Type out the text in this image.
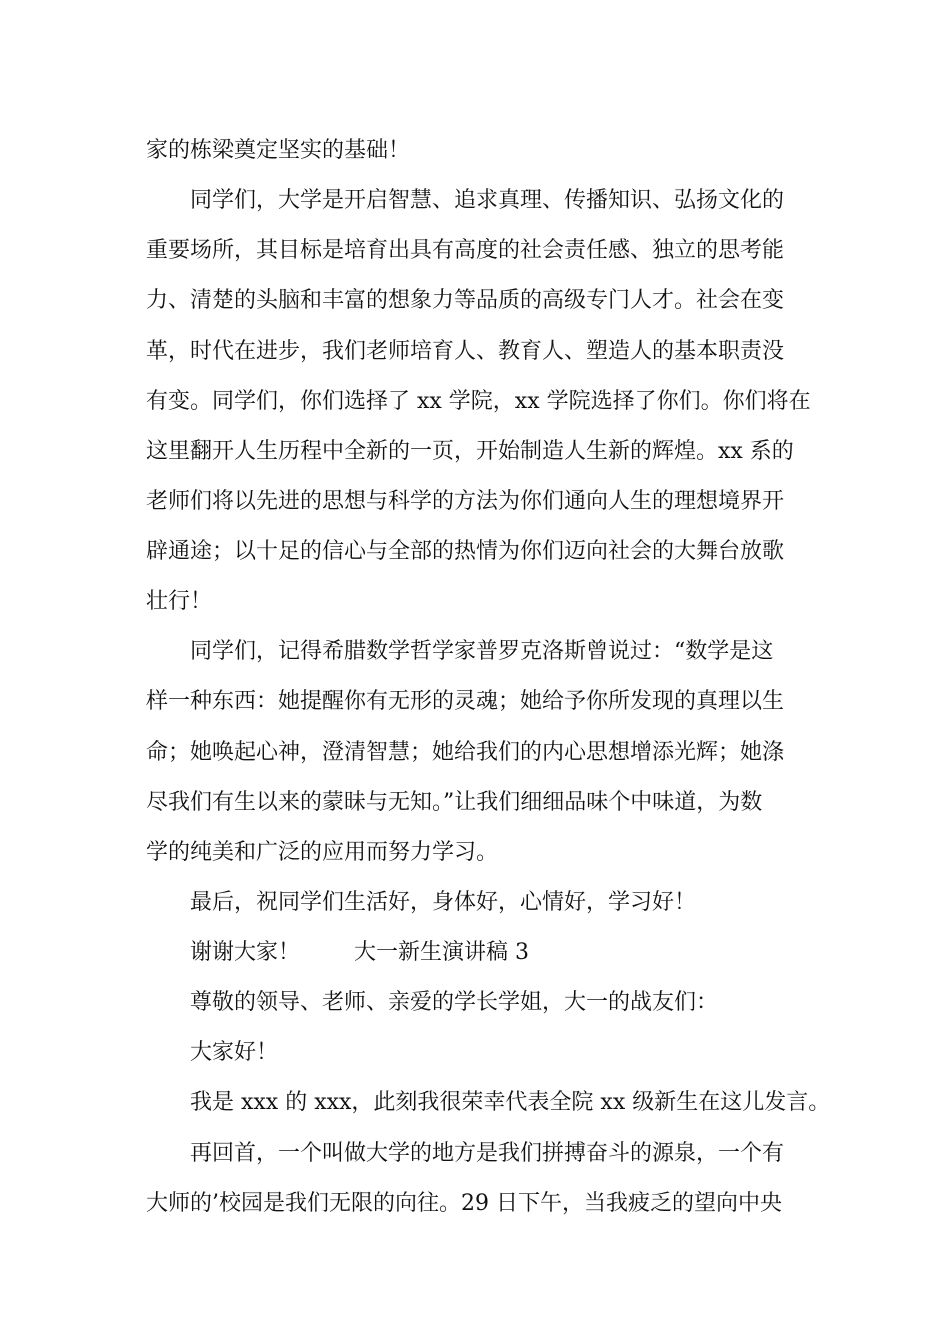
家的栋梁奠定坚实的基础！
同学们，大学是开启智慧、追求真理、传播知识、弘扬文化的
重要场所，其目标是培育出具有高度的社会责任感、独立的思考能
力、清楚的头脑和丰富的想象力等品质的高级专门人才。社会在变
革，时代在进步，我们老师培育人、教育人、塑造人的基本职责没
有变。同学们，你们选择了 xx 学院，xx 学院选择了你们。你们将在
这里翻开人生历程中全新的一页，开始制造人生新的辉煌。xx 系的
老师们将以先进的思想与科学的方法为你们通向人生的理想境界开
辟通途；以十足的信心与全部的热情为你们迈向社会的大舞台放歌
壮行！
同学们，记得希腊数学哲学家普罗克洛斯曾说过：“数学是这
样一种东西：她提醒你有无形的灵魂；她给予你所发现的真理以生
命；她唤起心神，澄清智慧；她给我们的内心思想增添光辉；她涤
尽我们有生以来的蒙昧与无知。”让我们细细品味个中味道，为数
学的纯美和广泛的应用而努力学习。
最后，祝同学们生活好，身体好，心情好，学习好！
谢谢大家！ 大一新生演讲稿 3
尊敬的领导、老师、亲爱的学长学姐，大一的战友们：
大家好！
我是 xxx 的 xxx，此刻我很荣幸代表全院 xx 级新生在这儿发言。
再回首，一个叫做大学的地方是我们拼搏奋斗的源泉，一个有
大师的’校园是我们无限的向往。29 日下午，当我疲乏的望向中央
